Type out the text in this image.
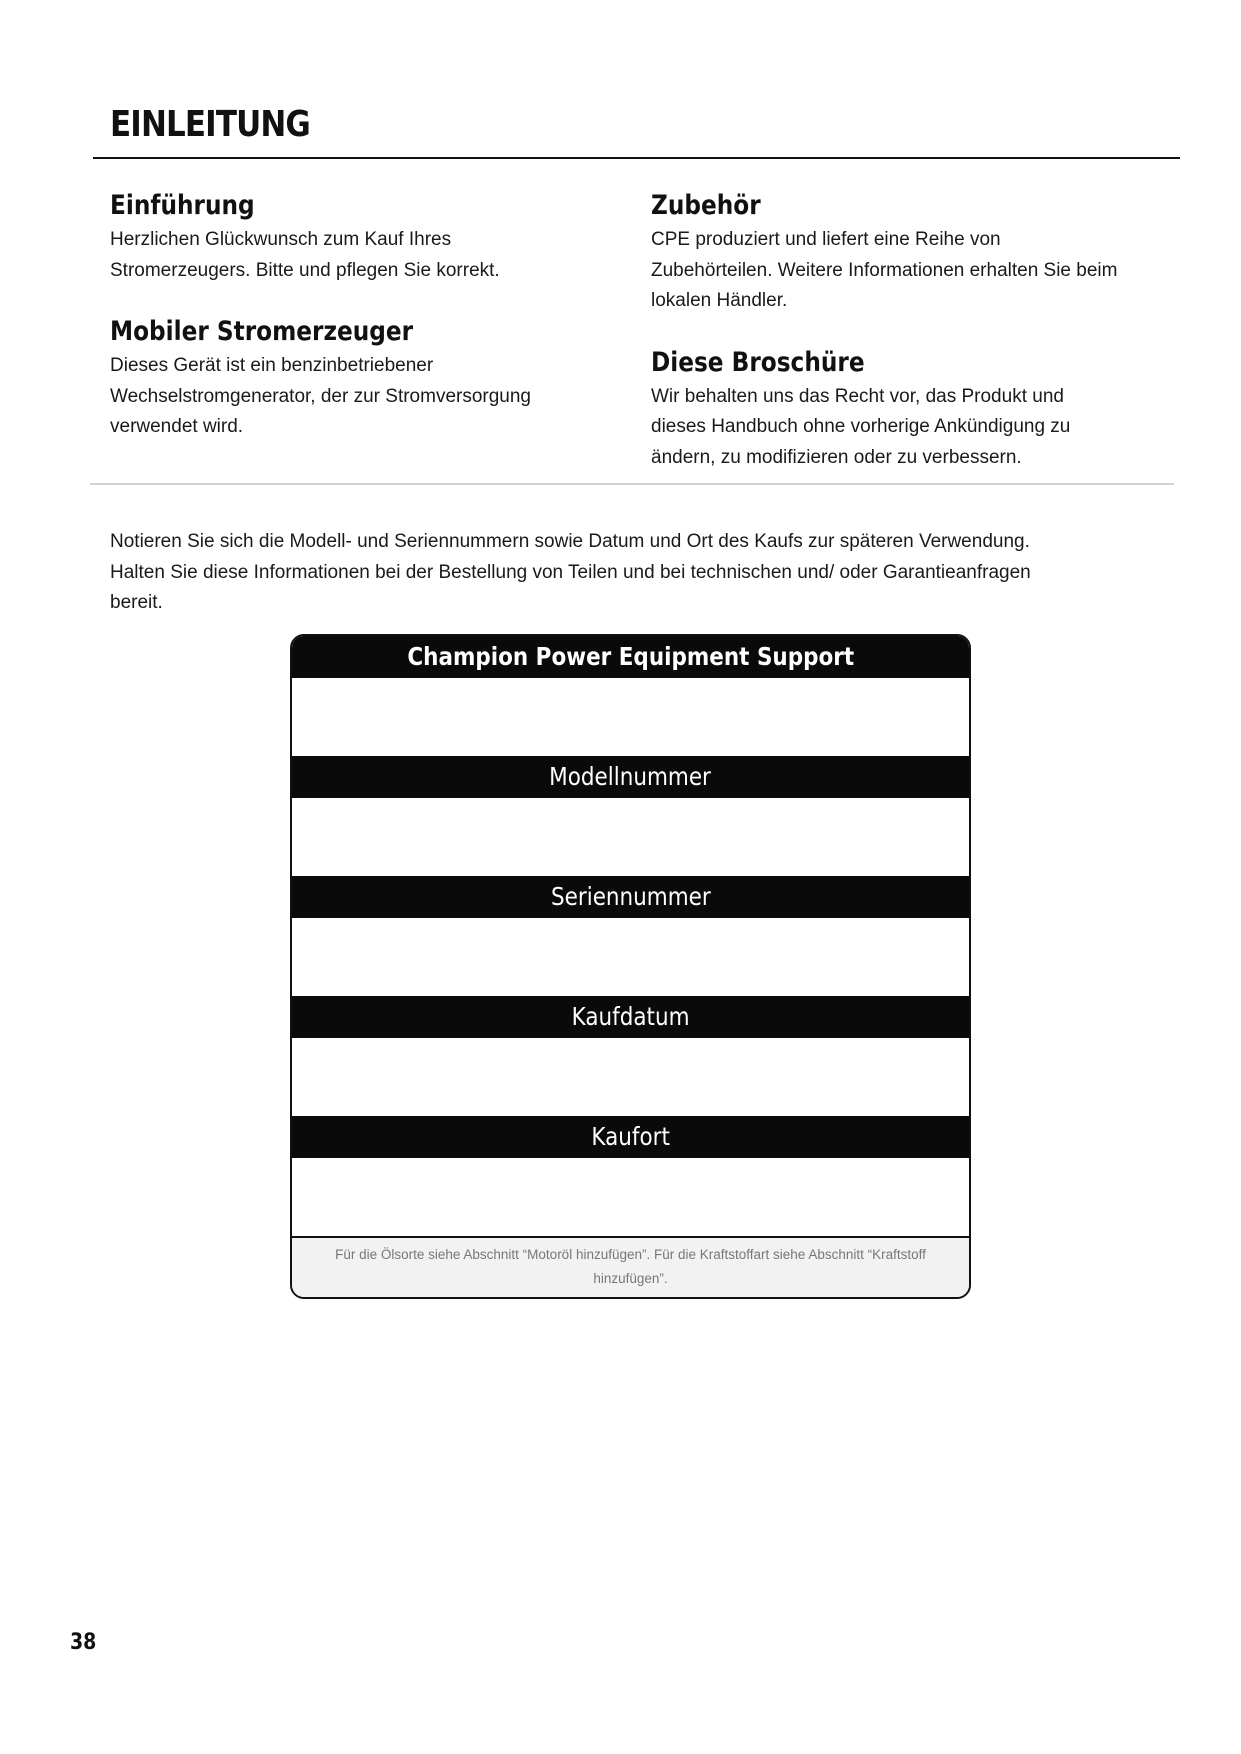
EINLEITUNG
Einführung

Herzlichen Glückwunsch zum Kauf Ihres Stromerzeugers. Bitte und pflegen Sie korrekt.

Mobiler Stromerzeuger

Dieses Gerät ist ein benzinbetriebener Wechselstromgenerator, der zur Stromversorgung verwendet wird.

Zubehör

CPE produziert und liefert eine Reihe von Zubehörteilen. Weitere Informationen erhalten Sie beim lokalen Händler.

Diese Broschüre

Wir behalten uns das Recht vor, das Produkt und dieses Handbuch ohne vorherige Ankündigung zu ändern, zu modifizieren oder zu verbessern.

Notieren Sie sich die Modell- und Seriennummern sowie Datum und Ort des Kaufs zur späteren Verwendung. Halten Sie diese Informationen bei der Bestellung von Teilen und bei technischen und/ oder Garantieanfragen bereit.

Champion Power Equipment Support
Modellnummer
Seriennummer
Kaufdatum
Kaufort
Für die Ölsorte siehe Abschnitt “Motoröl hinzufügen”. Für die Kraftstoffart siehe Abschnitt “Kraftstoff hinzufügen”.
38
